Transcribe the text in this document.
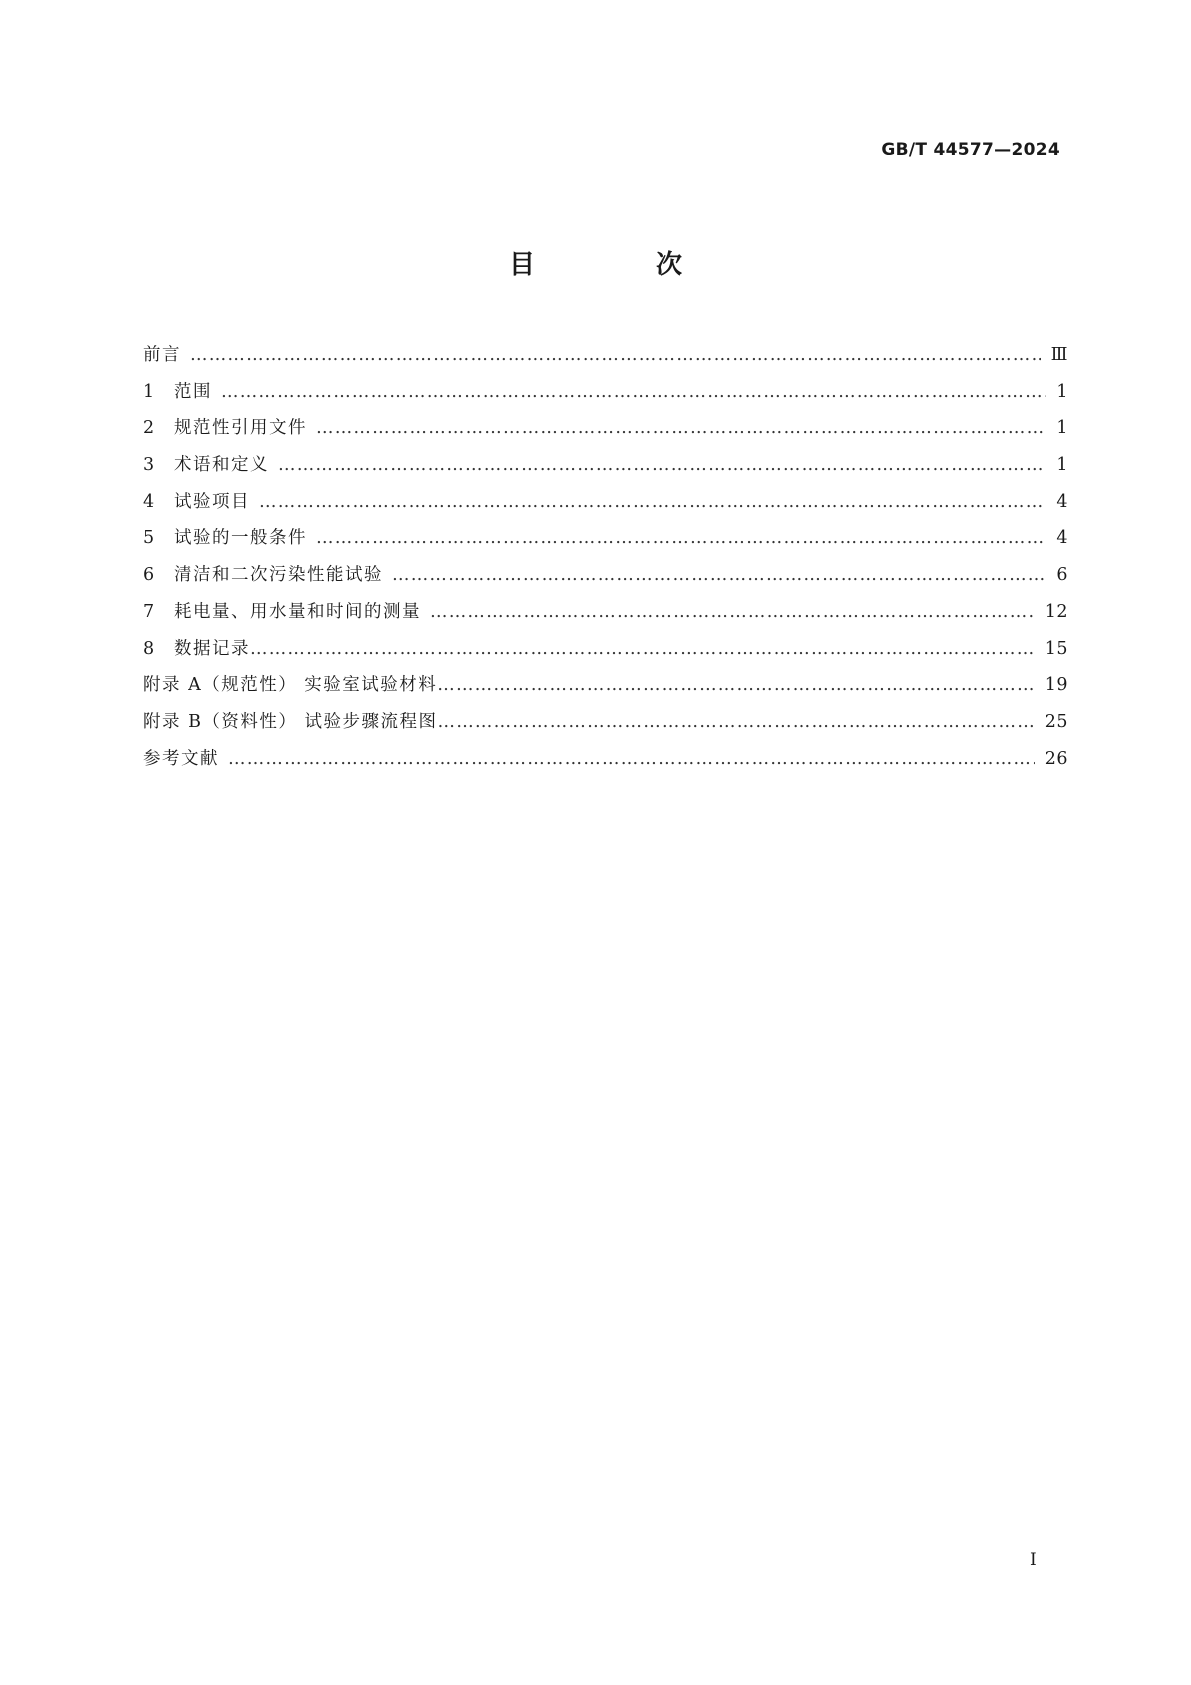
GB/T 44577—2024
目 次
前言 …………………………………………………………………………………………………………………………………………………………………………………………………………………………	Ⅲ
1	范围 …………………………………………………………………………………………………………………………………………………………………………………………………………………………	1
2	规范性引用文件 …………………………………………………………………………………………………………………………………………………………………………………………………………………………	1
3	术语和定义 …………………………………………………………………………………………………………………………………………………………………………………………………………………………	1
4	试验项目 …………………………………………………………………………………………………………………………………………………………………………………………………………………………	4
5	试验的一般条件 …………………………………………………………………………………………………………………………………………………………………………………………………………………………	4
6	清洁和二次污染性能试验 …………………………………………………………………………………………………………………………………………………………………………………………………………………………	6
7	耗电量、用水量和时间的测量 …………………………………………………………………………………………………………………………………………………………………………………………………………………………	12
8	数据记录 …………………………………………………………………………………………………………………………………………………………………………………………………………………………	15
附录 A（规范性） 实验室试验材料 …………………………………………………………………………………………………………………………………………………………………………………………………………………………	19
附录 B（资料性） 试验步骤流程图 …………………………………………………………………………………………………………………………………………………………………………………………………………………………	25
参考文献 …………………………………………………………………………………………………………………………………………………………………………………………………………………………	26
Ⅰ
